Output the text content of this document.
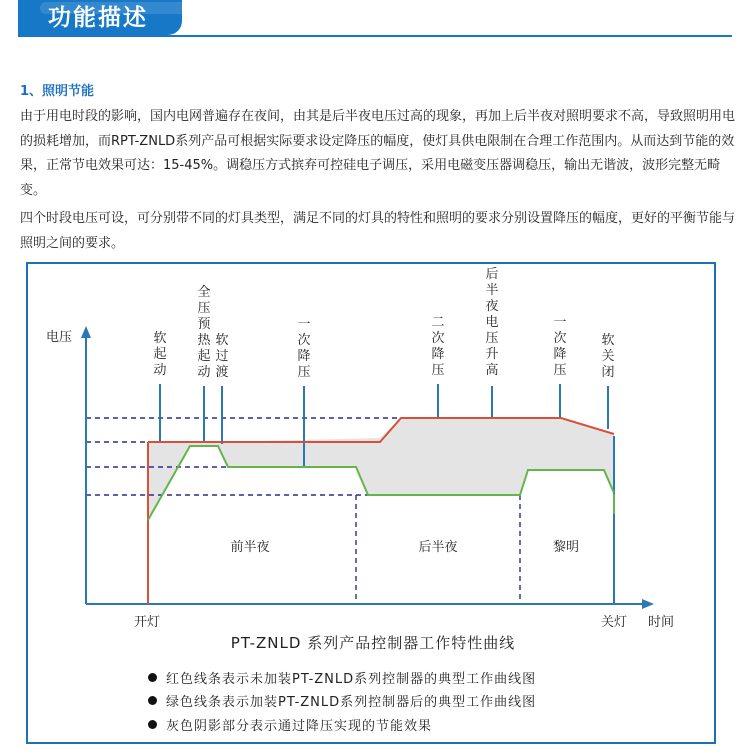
功能描述
1、照明节能
由于用电时段的影响，国内电网普遍存在夜间，由其是后半夜电压过高的现象，再加上后半夜对照明要求不高，导致照明用电的损耗增加，而RPT-ZNLD系列产品可根据实际要求设定降压的幅度，使灯具供电限制在合理工作范围内。从而达到节能的效果，正常节电效果可达：15-45%。调稳压方式摈弃可控硅电子调压，采用电磁变压器调稳压，输出无谐波，波形完整无畸变。
四个时段电压可设，可分别带不同的灯具类型，满足不同的灯具的特性和照明的要求分别设置降压的幅度，更好的平衡节能与照明之间的要求。
电压
时间
开灯	关灯
前半夜	后半夜	黎明
软起动
全压预热起动
软过渡
一次降压
二次降压
后半夜电压升高
一次降压
软关闭
PT-ZNLD 系列产品控制器工作特性曲线
红色线条表示未加装PT-ZNLD系列控制器的典型工作曲线图
绿色线条表示加装PT-ZNLD系列控制器后的典型工作曲线图
灰色阴影部分表示通过降压实现的节能效果
